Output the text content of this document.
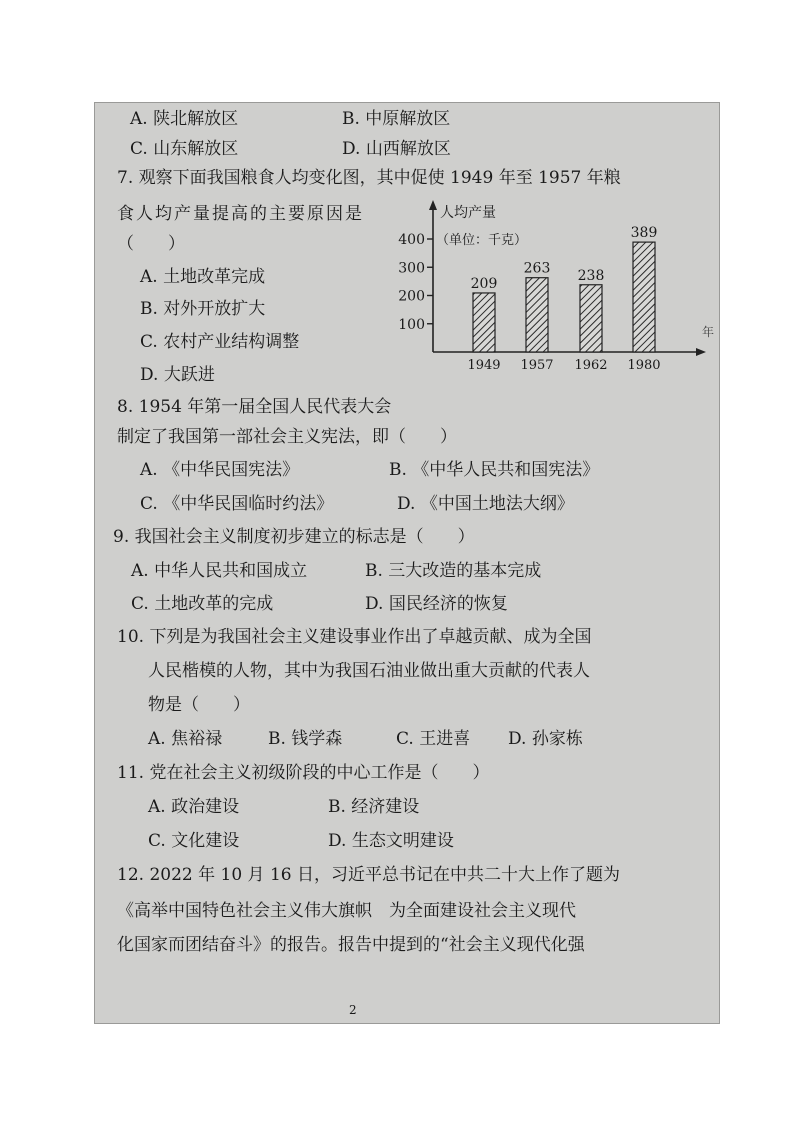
A. 陕北解放区	B. 中原解放区
C. 山东解放区	D. 山西解放区
7. 观察下面我国粮食人均变化图，其中促使 1949 年至 1957 年粮
食人均产量提高的主要原因是
（　　）
A. 土地改革完成
B. 对外开放扩大
C. 农村产业结构调整
D. 大跃进
人均产量
（单位：千克）
年
100
200
300
400
209
1949
263
1957
238
1962
389
1980
8. 1954 年第一届全国人民代表大会
制定了我国第一部社会主义宪法，即（　　）
A. 《中华民国宪法》	B. 《中华人民共和国宪法》
C. 《中华民国临时约法》	D. 《中国土地法大纲》
9. 我国社会主义制度初步建立的标志是（　　）
A. 中华人民共和国成立	B. 三大改造的基本完成
C. 土地改革的完成	D. 国民经济的恢复
10. 下列是为我国社会主义建设事业作出了卓越贡献、成为全国
人民楷模的人物，其中为我国石油业做出重大贡献的代表人
物是（　　）
A. 焦裕禄	B. 钱学森	C. 王进喜 D. 孙家栋
11. 党在社会主义初级阶段的中心工作是（　　）
A. 政治建设	B. 经济建设
C. 文化建设	D. 生态文明建设
12. 2022 年 10 月 16 日，习近平总书记在中共二十大上作了题为
《高举中国特色社会主义伟大旗帜　为全面建设社会主义现代
化国家而团结奋斗》的报告。报告中提到的“社会主义现代化强
2
